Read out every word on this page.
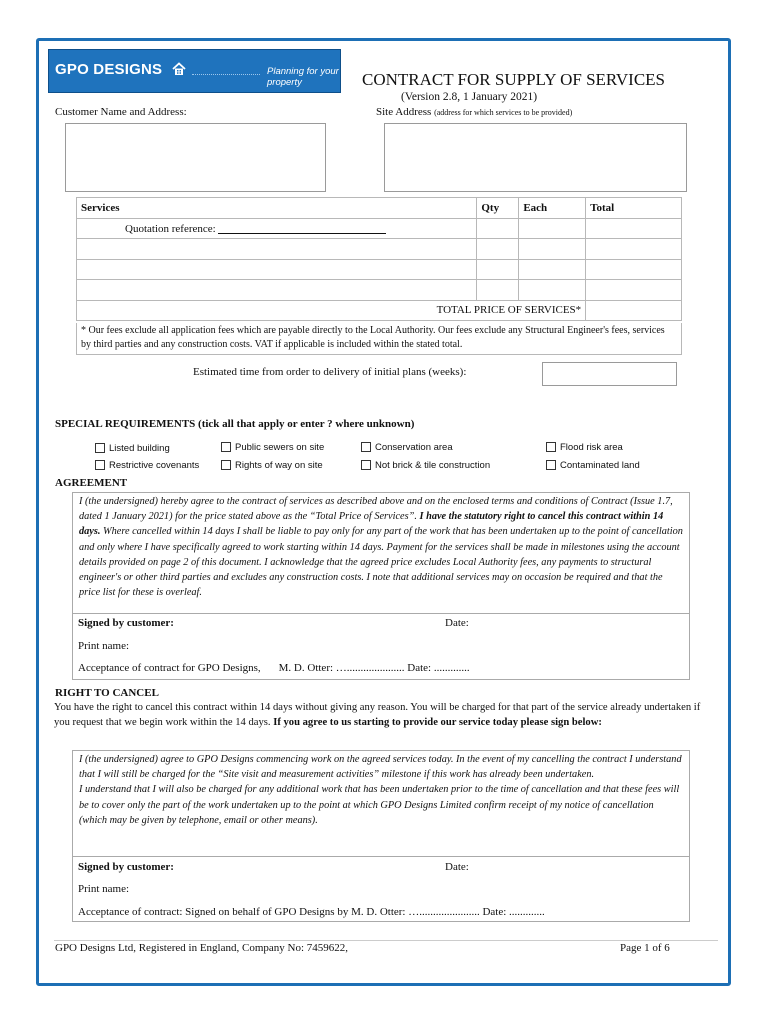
GPO DESIGNS	Planning for your property	CONTRACT FOR SUPPLY OF SERVICES
(Version 2.8, 1 January 2021)
Customer Name and Address:	Site Address (address for which services to be provided)
Services	Qty	Each	Total
Quotation reference:			

TOTAL PRICE OF SERVICES*			
* Our fees exclude all application fees which are payable directly to the Local Authority. Our fees exclude any Structural Engineer's fees, services by third parties and any construction costs. VAT if applicable is included within the stated total.
Estimated time from order to delivery of initial plans (weeks):
SPECIAL REQUIREMENTS (tick all that apply or enter ? where unknown)
Listed building	Public sewers on site	Conservation area	Flood risk area
Restrictive covenants	Rights of way on site	Not brick & tile construction	Contaminated land
AGREEMENT
I (the undersigned) hereby agree to the contract of services as described above and on the enclosed terms and conditions of Contract (Issue 1.7, dated 1 January 2021) for the price stated above as the “Total Price of Services”. I have the statutory right to cancel this contract within 14 days. Where cancelled within 14 days I shall be liable to pay only for any part of the work that has been undertaken up to the point of cancellation and only where I have specifically agreed to work starting within 14 days. Payment for the services shall be made in milestones using the account details provided on page 2 of this document. I acknowledge that the agreed price excludes Local Authority fees, any payments to structural engineer's or other third parties and excludes any construction costs. I note that additional services may on occasion be required and that the price list for these is overleaf.
Signed by customer:	Date:
Print name:
Acceptance of contract for GPO Designs, M. D. Otter: …..................... Date: .............
RIGHT TO CANCEL
You have the right to cancel this contract within 14 days without giving any reason. You will be charged for that part of the service already undertaken if you request that we begin work within the 14 days. If you agree to us starting to provide our service today please sign below:
I (the undersigned) agree to GPO Designs commencing work on the agreed services today. In the event of my cancelling the contract I understand that I will still be charged for the “Site visit and measurement activities” milestone if this work has already been undertaken.
I understand that I will also be charged for any additional work that has been undertaken prior to the time of cancellation and that these fees will be to cover only the part of the work undertaken up to the point at which GPO Designs Limited confirm receipt of my notice of cancellation (which may be given by telephone, email or other means).
Signed by customer:	Date:
Print name:
Acceptance of contract: Signed on behalf of GPO Designs by M. D. Otter: …...................... Date: .............
GPO Designs Ltd, Registered in England, Company No: 7459622,	Page 1 of 6
